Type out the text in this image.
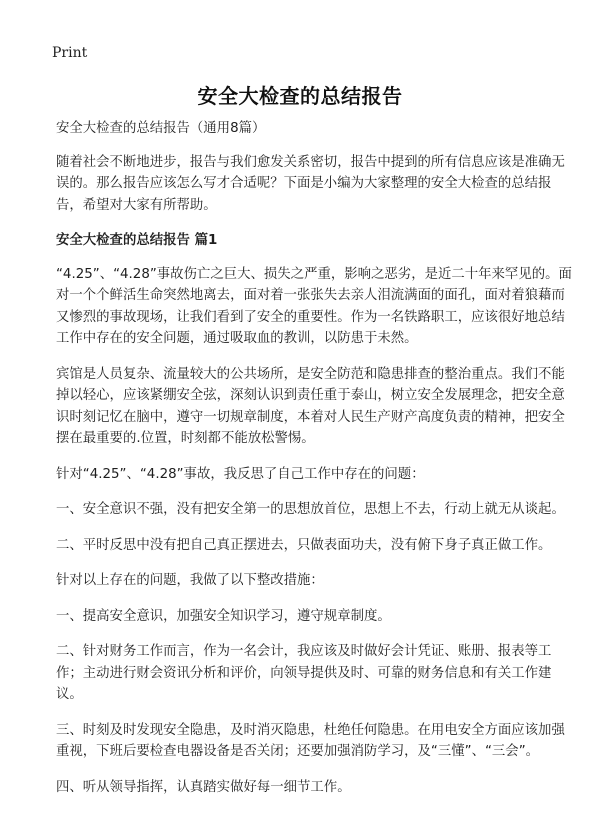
Print
安全大检查的总结报告

安全大检查的总结报告（通用8篇）

随着社会不断地进步，报告与我们愈发关系密切，报告中提到的所有信息应该是准确无误的。那么报告应该怎么写才合适呢？下面是小编为大家整理的安全大检查的总结报告，希望对大家有所帮助。

安全大检查的总结报告 篇1

“4.25”、“4.28”事故伤亡之巨大、损失之严重，影响之恶劣，是近二十年来罕见的。面对一个个鲜活生命突然地离去，面对着一张张失去亲人泪流满面的面孔，面对着狼藉而又惨烈的事故现场，让我们看到了安全的重要性。作为一名铁路职工，应该很好地总结工作中存在的安全问题，通过吸取血的教训，以防患于未然。

宾馆是人员复杂、流量较大的公共场所，是安全防范和隐患排查的整治重点。我们不能掉以轻心，应该紧绷安全弦，深刻认识到责任重于泰山，树立安全发展理念，把安全意识时刻记忆在脑中，遵守一切规章制度，本着对人民生产财产高度负责的精神，把安全摆在最重要的.位置，时刻都不能放松警惕。

针对“4.25”、“4.28”事故，我反思了自己工作中存在的问题：

一、安全意识不强，没有把安全第一的思想放首位，思想上不去，行动上就无从谈起。

二、平时反思中没有把自己真正摆进去，只做表面功夫，没有俯下身子真正做工作。

针对以上存在的问题，我做了以下整改措施：

一、提高安全意识，加强安全知识学习，遵守规章制度。

二、针对财务工作而言，作为一名会计，我应该及时做好会计凭证、账册、报表等工作；主动进行财会资讯分析和评价，向领导提供及时、可靠的财务信息和有关工作建议。

三、时刻及时发现安全隐患，及时消灭隐患，杜绝任何隐患。在用电安全方面应该加强重视，下班后要检查电器设备是否关闭；还要加强消防学习，及“三懂”、“三会”。

四、听从领导指挥，认真踏实做好每一细节工作。
